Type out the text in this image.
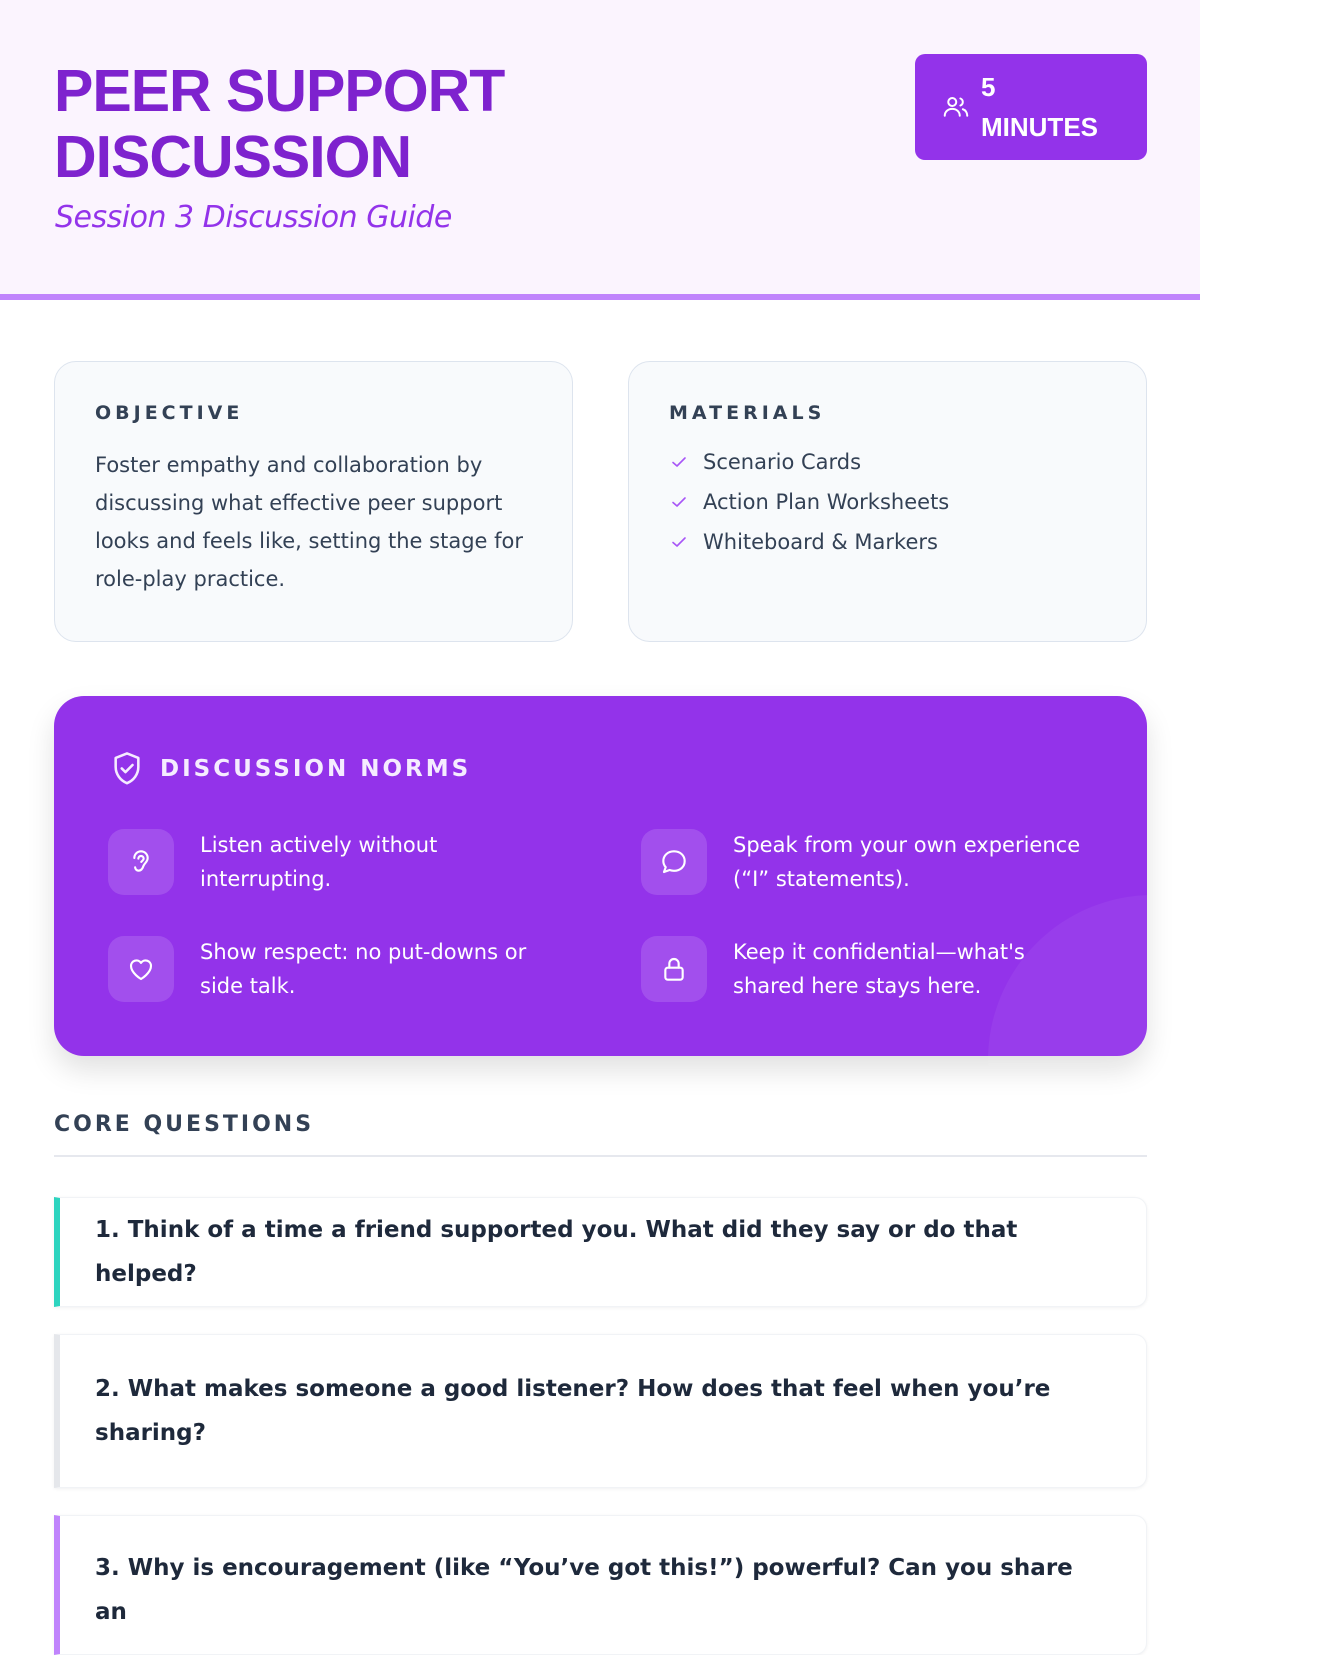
PEER SUPPORT DISCUSSION
Session 3 Discussion Guide
5 MINUTES
OBJECTIVE
Foster empathy and collaboration by discussing what effective peer support looks and feels like, setting the stage for role-play practice.
MATERIALS
Scenario Cards
Action Plan Worksheets
Whiteboard & Markers
DISCUSSION NORMS
Listen actively without interrupting.
Speak from your own experience (“I” statements).
Show respect: no put-downs or side talk.
Keep it confidential—what's shared here stays here.
CORE QUESTIONS
1. Think of a time a friend supported you. What did they say or do that helped?
2. What makes someone a good listener? How does that feel when you’re sharing?
3. Why is encouragement (like “You’ve got this!”) powerful? Can you share an
